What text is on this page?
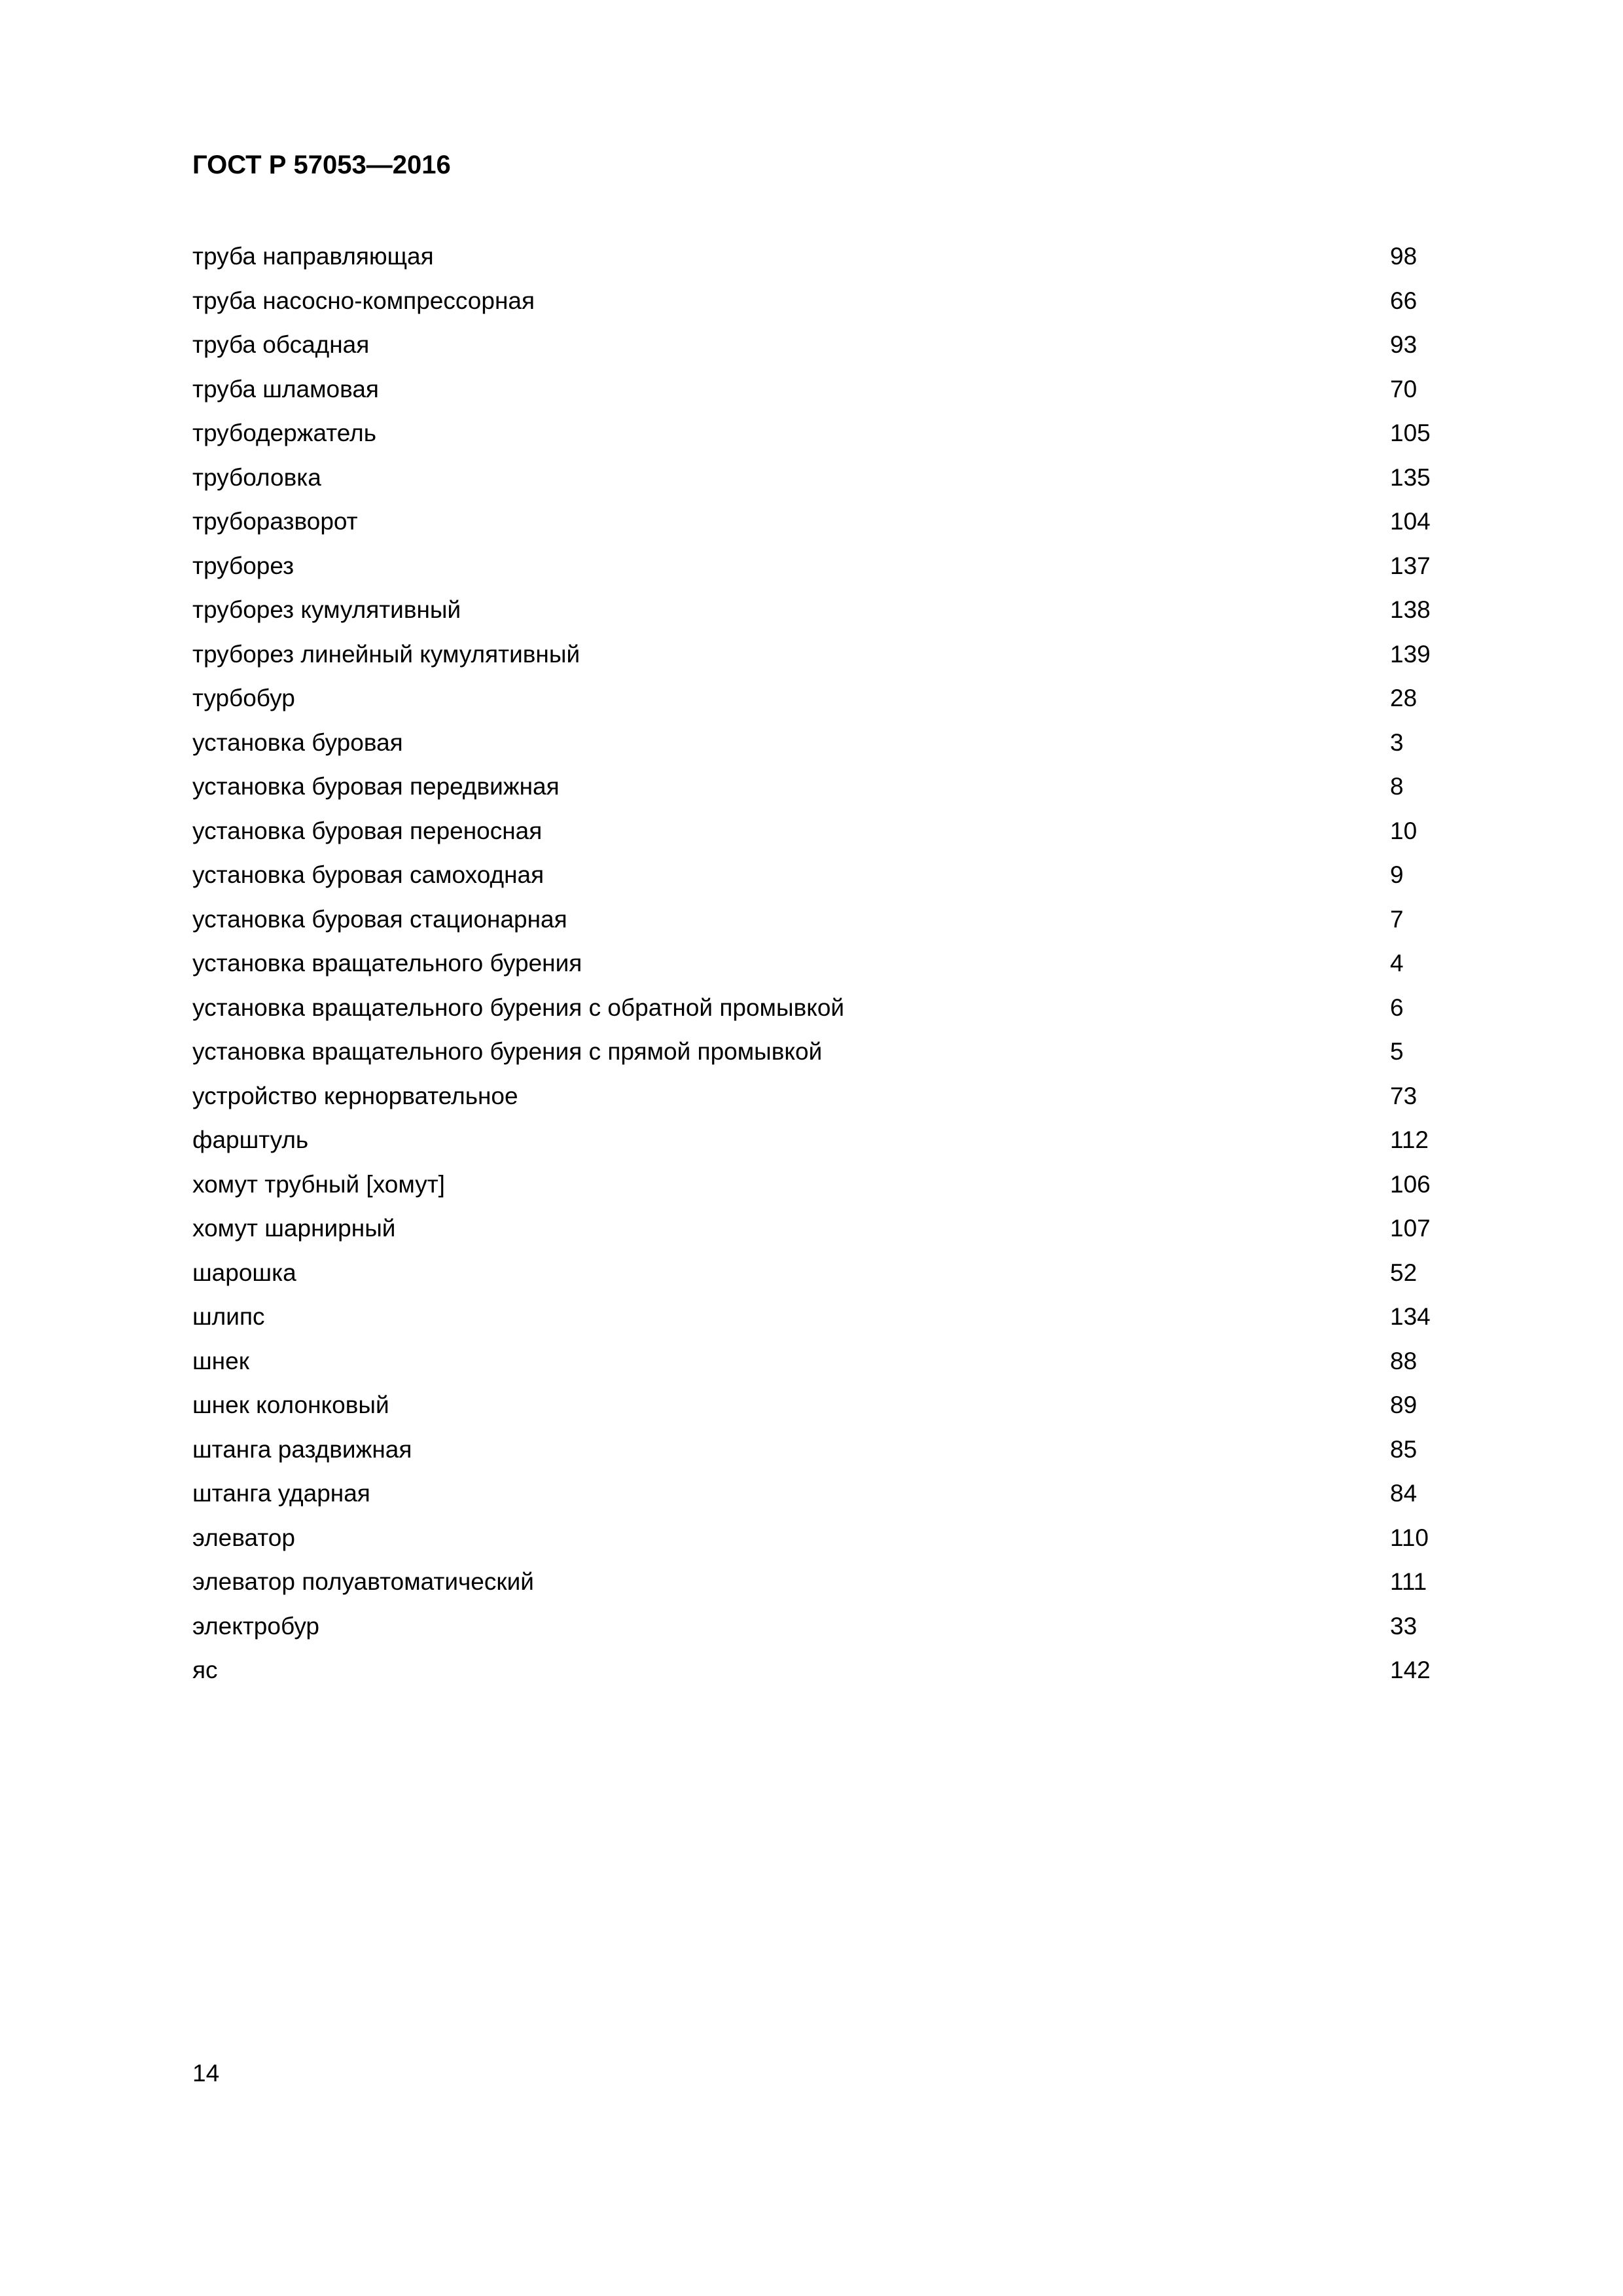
ГОСТ Р 57053—2016
труба направляющая	98
труба насосно-компрессорная	66
труба обсадная	93
труба шламовая	70
трубодержатель	105
труболовка	135
труборазворот	104
труборез	137
труборез кумулятивный	138
труборез линейный кумулятивный	139
турбобур	28
установка буровая	3
установка буровая передвижная	8
установка буровая переносная	10
установка буровая самоходная	9
установка буровая стационарная	7
установка вращательного бурения	4
установка вращательного бурения с обратной промывкой	6
установка вращательного бурения с прямой промывкой	5
устройство кернорвательное	73
фарштуль	112
хомут трубный [хомут]	106
хомут шарнирный	107
шарошка	52
шлипс	134
шнек	88
шнек колонковый	89
штанга раздвижная	85
штанга ударная	84
элеватор	110
элеватор полуавтоматический	111
электробур	33
яс	142
14
